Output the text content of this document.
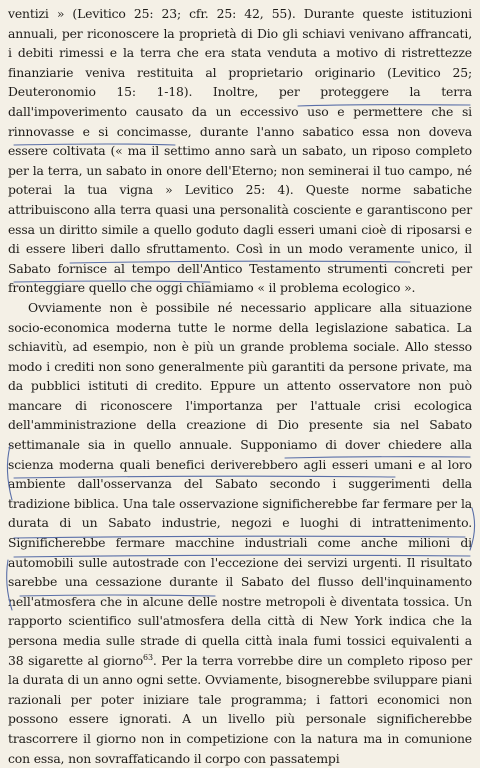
ventizi » (Levitico 25: 23; cfr. 25: 42, 55). Durante queste istituzioni annuali, per riconoscere la proprietà di Dio gli schiavi venivano affrancati, i debiti rimessi e la terra che era stata venduta a motivo di ristrettezze finanziarie veniva restituita al proprietario originario (Levitico 25; Deuteronomio 15: 1-18). Inoltre, per proteggere la terra dall'impoverimento causato da un eccessivo uso e permettere che si rinnovasse e si concimasse, durante l'anno sabatico essa non doveva essere coltivata (« ma il settimo anno sarà un sabato, un riposo completo per la terra, un sabato in onore dell'Eterno; non seminerai il tuo campo, né poterai la tua vigna » Levitico 25: 4). Queste norme sabatiche attribuiscono alla terra quasi una personalità cosciente e garantiscono per essa un diritto simile a quello goduto dagli esseri umani cioè di riposarsi e di essere liberi dallo sfruttamento. Così in un modo veramente unico, il Sabato fornisce al tempo dell'Antico Testamento strumenti concreti per fronteggiare quello che oggi chiamiamo « il problema ecologico ».

Ovviamente non è possibile né necessario applicare alla situazione socio-economica moderna tutte le norme della legislazione sabatica. La schiavitù, ad esempio, non è più un grande problema sociale. Allo stesso modo i crediti non sono generalmente più garantiti da persone private, ma da pubblici istituti di credito. Eppure un attento osservatore non può mancare di riconoscere l'importanza per l'attuale crisi ecologica dell'amministrazione della creazione di Dio presente sia nel Sabato settimanale sia in quello annuale. Supponiamo di dover chiedere alla scienza moderna quali benefici deriverebbero agli esseri umani e al loro ambiente dall'osservanza del Sabato secondo i suggerimenti della tradizione biblica. Una tale osservazione significherebbe far fermare per la durata di un Sabato industrie, negozi e luoghi di intrattenimento. Significherebbe fermare macchine industriali come anche milioni di automobili sulle autostrade con l'eccezione dei servizi urgenti. Il risultato sarebbe una cessazione durante il Sabato del flusso dell'inquinamento nell'atmosfera che in alcune delle nostre metropoli è diventata tossica. Un rapporto scientifico sull'atmosfera della città di New York indica che la persona media sulle strade di quella città inala fumi tossici equivalenti a 38 sigarette al giorno$^{63}$. Per la terra vorrebbe dire un completo riposo per la durata di un anno ogni sette. Ovviamente, bisognerebbe sviluppare piani razionali per poter iniziare tale programma; i fattori economici non possono essere ignorati. A un livello più personale significherebbe trascorrere il giorno non in competizione con la natura ma in comunione con essa, non sovraffaticando il corpo con passatempi
